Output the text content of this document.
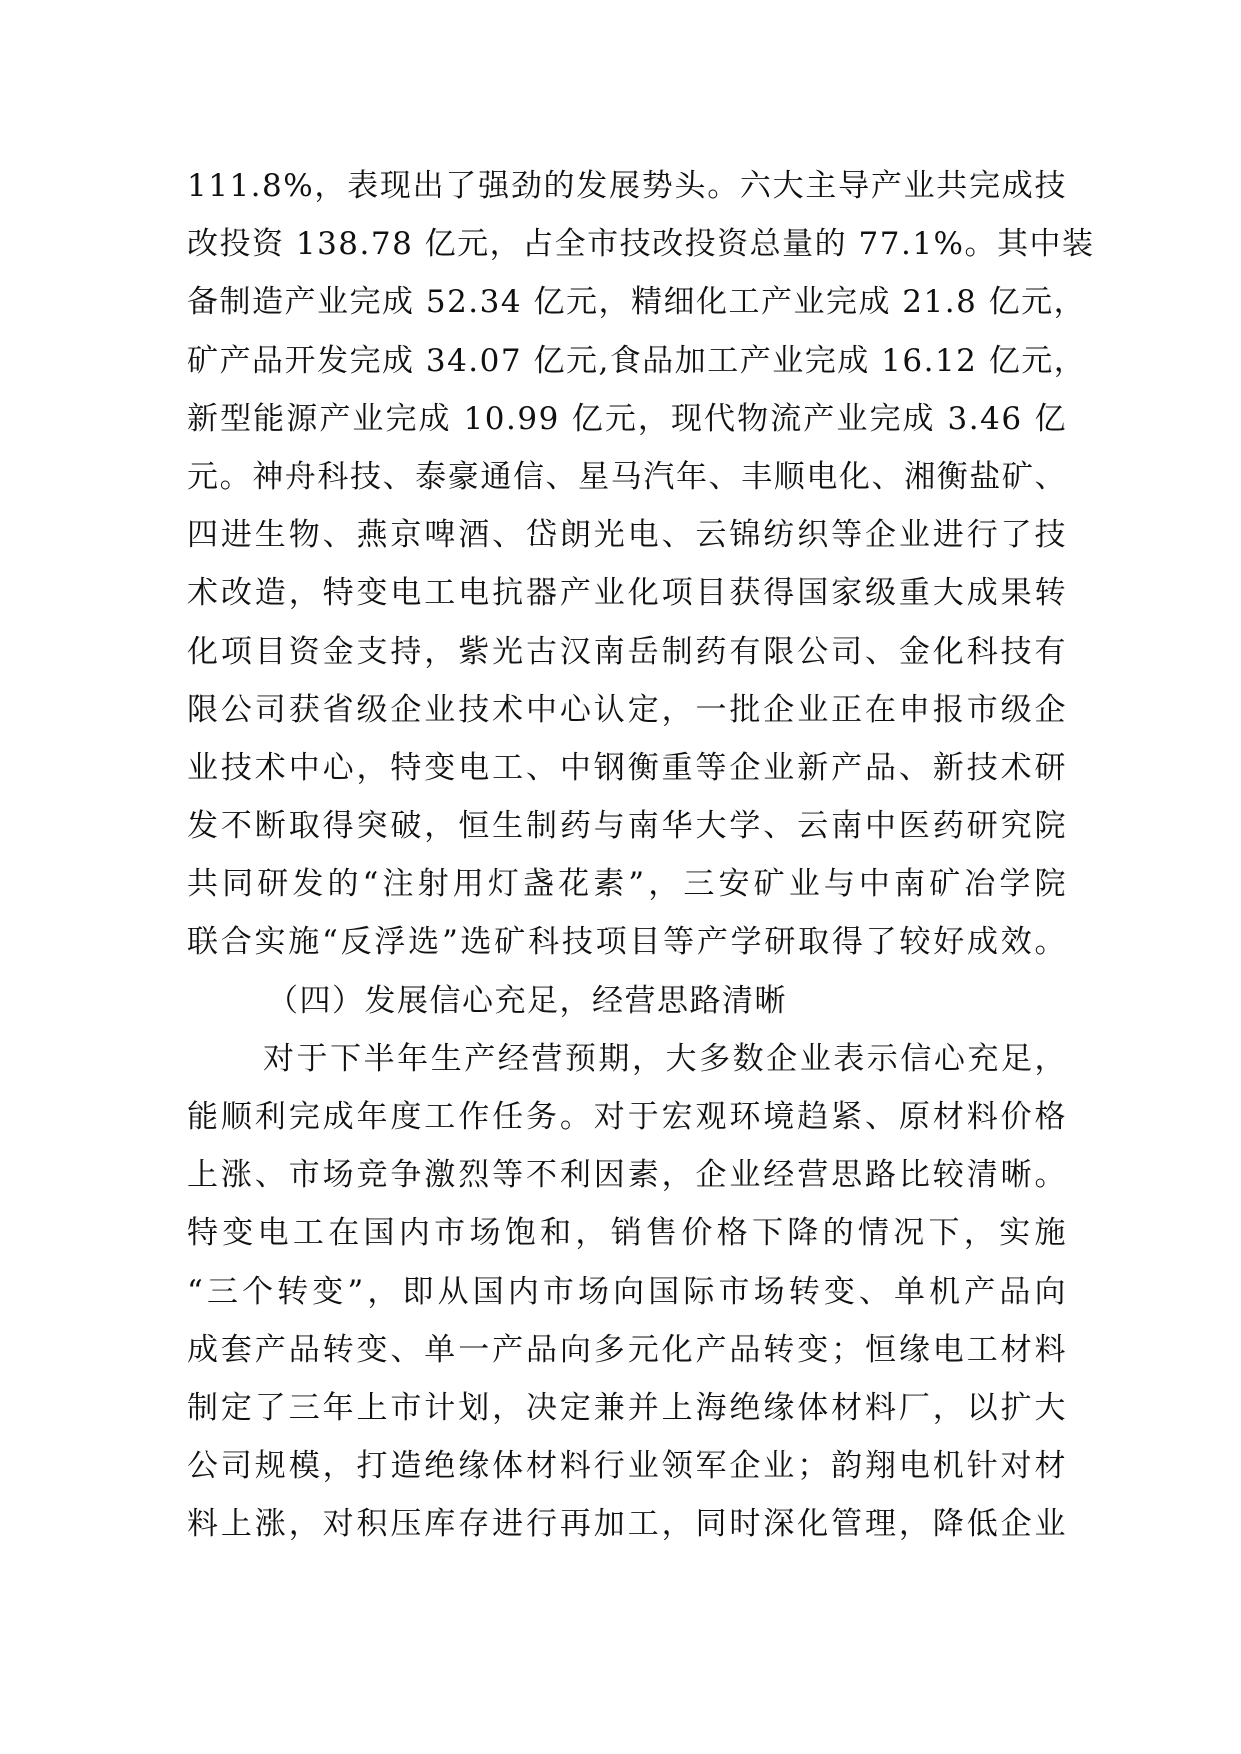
111.8%，表现出了强劲的发展势头。六大主导产业共完成技
改投资 138.78 亿元，占全市技改投资总量的 77.1%。其中装
备制造产业完成 52.34 亿元，精细化工产业完成 21.8 亿元，
矿产品开发完成 34.07 亿元,食品加工产业完成 16.12 亿元，
新型能源产业完成 10.99 亿元，现代物流产业完成 3.46 亿
元。神舟科技、泰豪通信、星马汽年、丰顺电化、湘衡盐矿、
四进生物、燕京啤酒、岱朗光电、云锦纺织等企业进行了技
术改造，特变电工电抗器产业化项目获得国家级重大成果转
化项目资金支持，紫光古汉南岳制药有限公司、金化科技有
限公司获省级企业技术中心认定，一批企业正在申报市级企
业技术中心，特变电工、中钢衡重等企业新产品、新技术研
发不断取得突破，恒生制药与南华大学、云南中医药研究院
共同研发的“注射用灯盏花素”，三安矿业与中南矿冶学院
联合实施“反浮选”选矿科技项目等产学研取得了较好成效。
（四）发展信心充足，经营思路清晰
对于下半年生产经营预期，大多数企业表示信心充足，
能顺利完成年度工作任务。对于宏观环境趋紧、原材料价格
上涨、市场竞争激烈等不利因素，企业经营思路比较清晰。
特变电工在国内市场饱和，销售价格下降的情况下，实施
“三个转变”，即从国内市场向国际市场转变、单机产品向
成套产品转变、单一产品向多元化产品转变；恒缘电工材料
制定了三年上市计划，决定兼并上海绝缘体材料厂，以扩大
公司规模，打造绝缘体材料行业领军企业；韵翔电机针对材
料上涨，对积压库存进行再加工，同时深化管理，降低企业
